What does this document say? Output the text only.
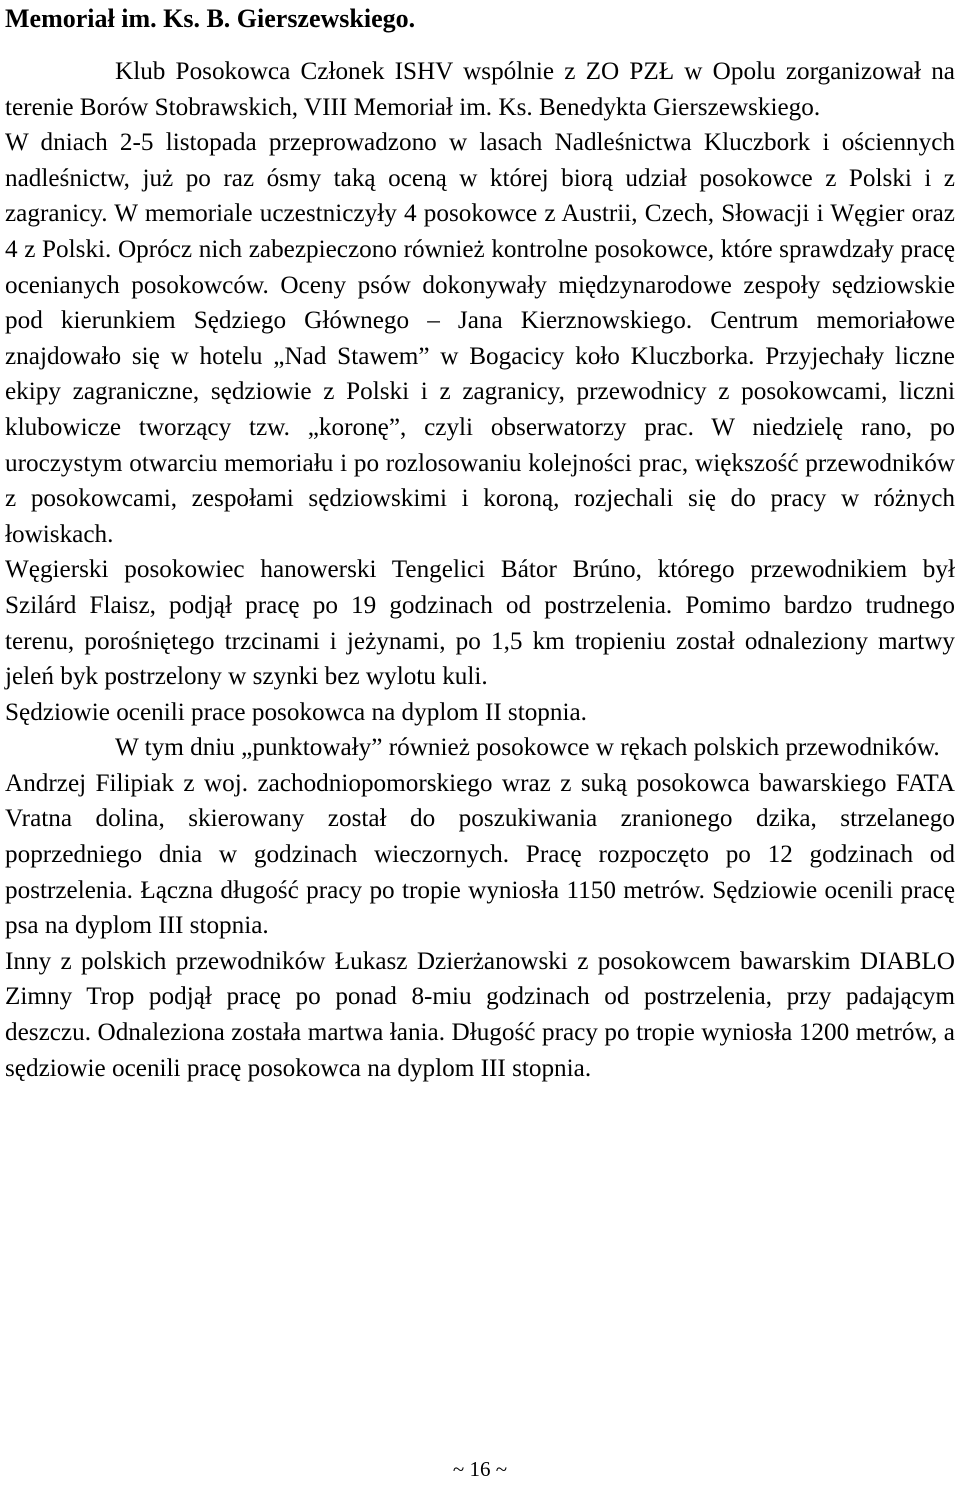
Memoriał im. Ks. B. Gierszewskiego.

Klub Posokowca Członek ISHV wspólnie z ZO PZŁ w Opolu zorganizował na terenie Borów Stobrawskich, VIII Memoriał im. Ks. Benedykta Gierszewskiego.

W dniach 2-5 listopada przeprowadzono w lasach Nadleśnictwa Kluczbork i ościennych nadleśnictw, już po raz ósmy taką oceną w której biorą udział posokowce z Polski i z zagranicy. W memoriale uczestniczyły 4 posokowce z Austrii, Czech, Słowacji i Węgier oraz 4 z Polski. Oprócz nich zabezpieczono również kontrolne posokowce, które sprawdzały pracę ocenianych posokowców. Oceny psów dokonywały międzynarodowe zespoły sędziowskie pod kierunkiem Sędziego Głównego – Jana Kierznowskiego. Centrum memoriałowe znajdowało się w hotelu „Nad Stawem” w Bogacicy koło Kluczborka. Przyjechały liczne ekipy zagraniczne, sędziowie z Polski i z zagranicy, przewodnicy z posokowcami, liczni klubowicze tworzący tzw. „koronę”, czyli obserwatorzy prac. W niedzielę rano, po uroczystym otwarciu memoriału i po rozlosowaniu kolejności prac, większość przewodników z posokowcami, zespołami sędziowskimi i koroną, rozjechali się do pracy w różnych łowiskach.

Węgierski posokowiec hanowerski Tengelici Bátor Brúno, którego przewodnikiem był Szilárd Flaisz, podjął pracę po 19 godzinach od postrzelenia. Pomimo bardzo trudnego terenu, porośniętego trzcinami i jeżynami, po 1,5 km tropieniu został odnaleziony martwy jeleń byk postrzelony w szynki bez wylotu kuli.

Sędziowie ocenili prace posokowca na dyplom II stopnia.

W tym dniu „punktowały” również posokowce w rękach polskich przewodników.

Andrzej Filipiak z woj. zachodniopomorskiego wraz z suką posokowca bawarskiego FATA Vratna dolina, skierowany został do poszukiwania zranionego dzika, strzelanego poprzedniego dnia w godzinach wieczornych. Pracę rozpoczęto po 12 godzinach od postrzelenia. Łączna długość pracy po tropie wyniosła 1150 metrów. Sędziowie ocenili pracę psa na dyplom III stopnia.

Inny z polskich przewodników Łukasz Dzierżanowski z posokowcem bawarskim DIABLO Zimny Trop podjął pracę po ponad 8-miu godzinach od postrzelenia, przy padającym deszczu. Odnaleziona została martwa łania. Długość pracy po tropie wyniosła 1200 metrów, a sędziowie ocenili pracę posokowca na dyplom III stopnia.

~ 16 ~
